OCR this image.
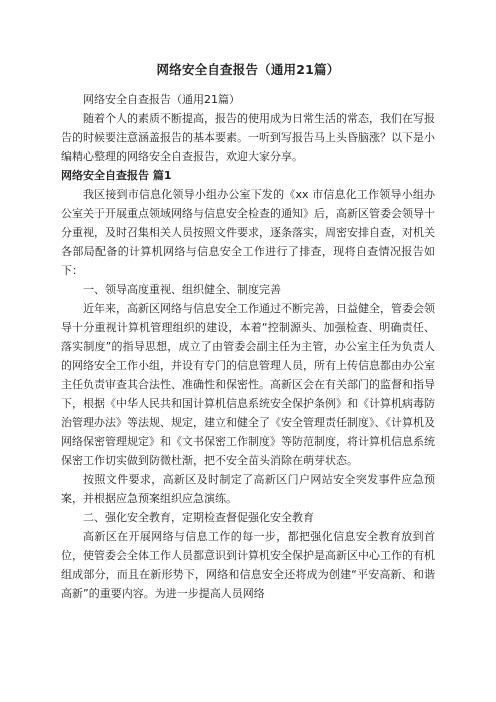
网络安全自查报告（通用21篇）

网络安全自查报告（通用21篇）

随着个人的素质不断提高，报告的使用成为日常生活的常态，我们在写报告的时候要注意涵盖报告的基本要素。一听到写报告马上头昏脑涨？以下是小编精心整理的网络安全自查报告，欢迎大家分享。

网络安全自查报告 篇1

我区接到市信息化领导小组办公室下发的《xx 市信息化工作领导小组办公室关于开展重点领域网络与信息安全检查的通知》后，高新区管委会领导十分重视，及时召集相关人员按照文件要求，逐条落实，周密安排自查，对机关各部局配备的计算机网络与信息安全工作进行了排查，现将自查情况报告如下：

一、领导高度重视、组织健全、制度完善

近年来，高新区网络与信息安全工作通过不断完善，日益健全，管委会领导十分重视计算机管理组织的建设，本着“控制源头、加强检查、明确责任、落实制度”的指导思想，成立了由管委会副主任为主管，办公室主任为负责人的网络安全工作小组，并设有专门的信息管理人员，所有上传信息都由办公室主任负责审查其合法性、准确性和保密性。高新区会在有关部门的监督和指导下，根据《中华人民共和国计算机信息系统安全保护条例》和《计算机病毒防治管理办法》等法规、规定，建立和健全了《安全管理责任制度》、《计算机及网络保密管理规定》和《文书保密工作制度》等防范制度，将计算机信息系统保密工作切实做到防微杜渐，把不安全苗头消除在萌芽状态。

按照文件要求，高新区及时制定了高新区门户网站安全突发事件应急预案，并根据应急预案组织应急演练。

二、强化安全教育，定期检查督促强化安全教育

高新区在开展网络与信息工作的每一步，都把强化信息安全教育放到首位，使管委会全体工作人员都意识到计算机安全保护是高新区中心工作的有机组成部分，而且在新形势下，网络和信息安全还将成为创建“平安高新、和谐高新”的重要内容。为进一步提高人员网络
